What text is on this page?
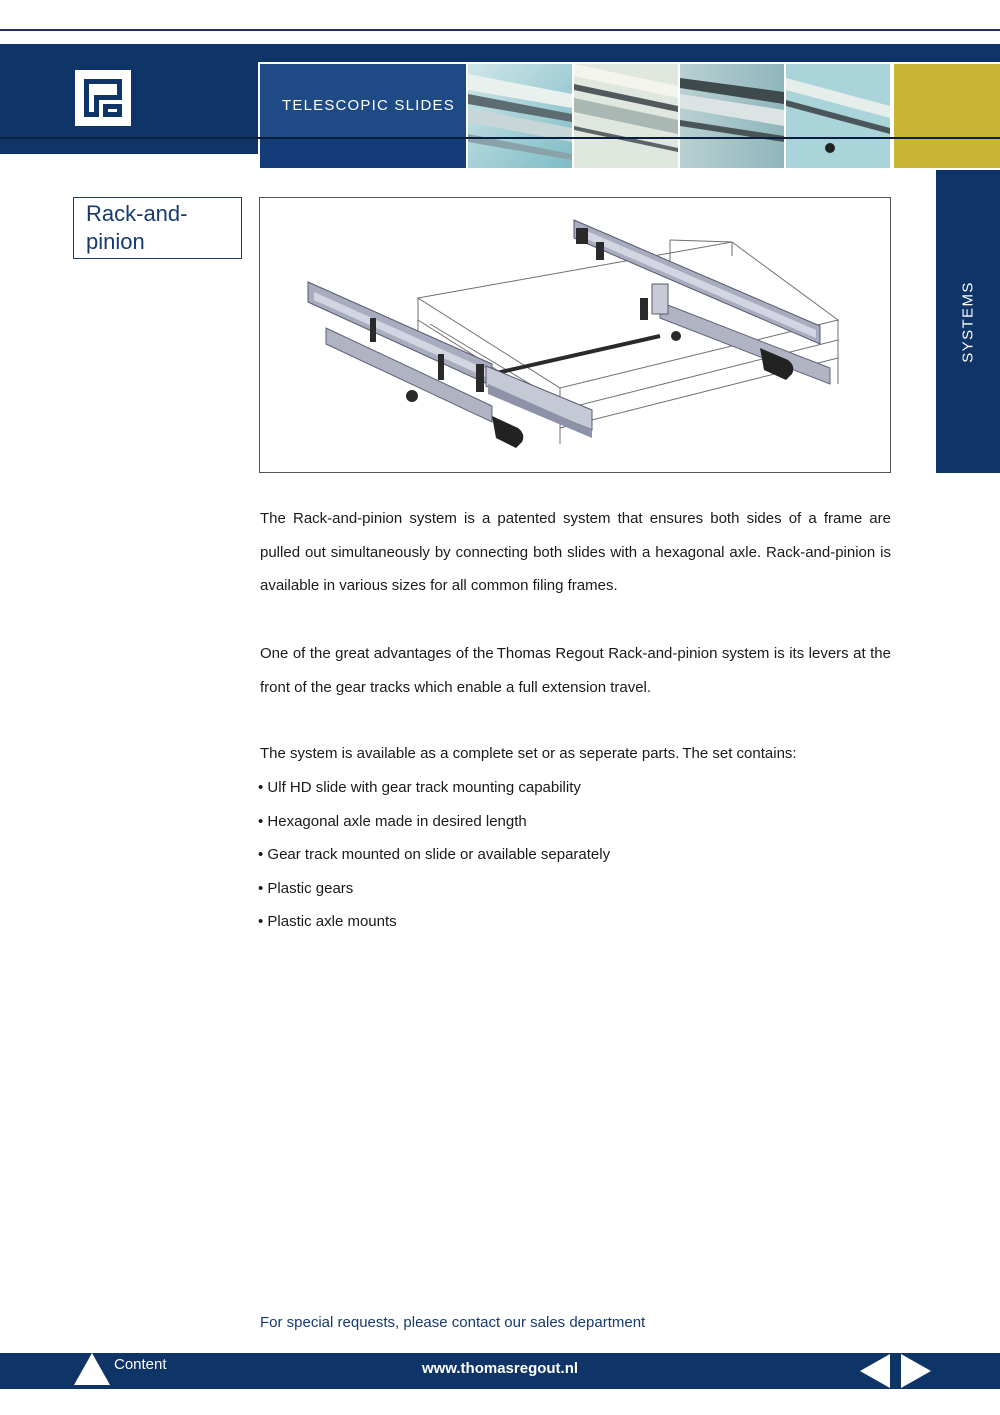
TELESCOPIC SLIDES
SYSTEMS
Rack-and-pinion
The Rack-and-pinion system is a patented system that ensures both sides of a frame are pulled out simultaneously by connecting both slides with a hexagonal axle. Rack-and-pinion is available in various sizes for all common filing frames.
One of the great advantages of the Thomas Regout Rack-and-pinion system is its levers at the front of the gear tracks which enable a full extension travel.
The system is available as a complete set or as seperate parts. The set contains:
• Ulf HD slide with gear track mounting capability
• Hexagonal axle made in desired length
• Gear track mounted on slide or available separately
• Plastic gears
• Plastic axle mounts
For special requests, please contact our sales department
Content	www.thomasregout.nl
